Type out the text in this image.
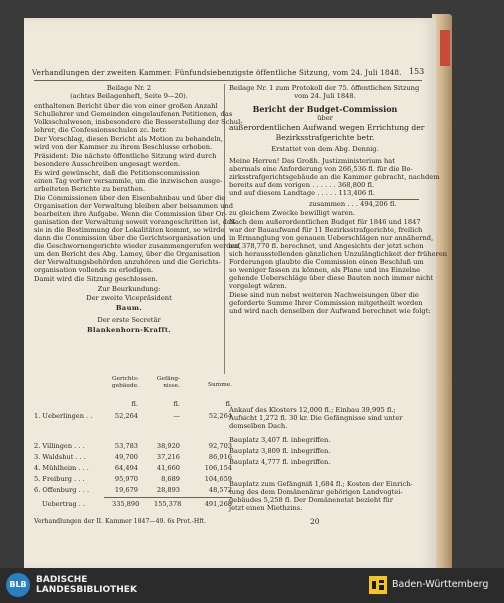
Verhandlungen der zweiten Kammer. Fünfundsiebenzigste öffentliche Sitzung, vom 24. Juli 1848. 153
Beilage Nr. 2
(achtes Beilagenheft, Seite 9—20).
enthaltenen Bericht über die von einer großen Anzahl
Schullehrer und Gemeinden eingelaufenen Petitionen, das
Volksschulwesen, insbesondere die Besserstellung der Schul-
lehrer, die Confessionsschulen zc. betr.
Der Vorschlag, diesen Bericht als Motion zu behandeln,
wird von der Kammer zu ihrem Beschlusse erhoben.
Präsident: Die nächste öffentliche Sitzung wird durch
besondere Ausschreiben angesagt werden.
Es wird gewünscht, daß die Petitionscommission
einen Tag vorher versammle, um die inzwischen ausge-
arbeiteten Berichte zu berathen.
Die Commissionen über den Eisenbahnbau und über die
Organisation der Verwaltung bleiben aber beisammen und
bearbeiten ihre Aufgabe. Wenn die Commission über Or-
ganisation der Verwaltung soweit vorangeschritten ist, daß
sie in die Bestimmung der Lokalitäten kommt, so würde
dann die Commission über die Gerichtsorganisation und
die Geschwornengerichte wieder zusammengerufen werden,
um den Bericht des Abg. Lamey, über die Organisation
der Verwaltungsbehörden anzuhören und die Gerichts-
organisation vollends zu erledigen.
Damit wird die Sitzung geschlossen.
Zur Beurkundung:
Der zweite Vicepräsident
Baum.
Der erste Secretär
Blankenhorn-Krafft.
Beilage Nr. 1 zum Protokoll der 75. öffentlichen Sitzung
vom 24. Juli 1848.
Bericht der Budget-Commission
über
außerordentlichen Aufwand wegen Errichtung der
Bezirksstrafgerichte betr.
Erstattet von dem Abg. Dennig.
Meine Herren! Das Großh. Justizministerium hat
abermals eine Anforderung von 266,536 fl. für die Be-
zirksstrafgerichtsgebäude an die Kammer gebracht, nachdem
bereits auf dem vorigen . . . . . . 368,800 fl.
und auf diesem Landtage . . . . . 113,406 fl.
zusammen . . . 494,206 fl.
zu gleichem Zwecke bewilligt waren.
Nach dem außerordentlichen Budget für 1846 und 1847
war der Bauaufwand für 11 Bezirksstrafgerichte, freilich
in Ermanglung von genauen Ueberschlägen nur annähernd,
auf 378,770 fl. berechnet, und Angesichts der jetzt schon
sich herausstellenden gänzlichen Unzulänglichkeit der früheren
Forderungen glaubte die Commission einen Beschluß um
so weniger fassen zu können, als Plane und ins Einzelne
gehende Ueberschläge über diese Bauten noch immer nicht
vorgelegt wären.
Diese sind nun nebst weiteren Nachweisungen über die
geforderte Summe Ihrer Commission mitgetheilt worden
und wird nach denselben der Aufwand berechnet wie folgt:
Gerichts-gebäude.
Gefäng-nisse.	Summe.
fl.	fl.	fl.
1. Ueberlingen . .	52,264	—	52,264
2. Villingen . . .	53,783	38,920	92,703
3. Waldshut . . .	49,700	37,216	86,916
4. Mühlheim . . .	64,494	41,660	106,154
5. Freiburg . . .	95,970	8,689	104,659
6. Offenburg . . .	19,679	28,893	48,572
Uebertrag . .	335,890 155,378	491,268
Ankauf des Klosters 12,000 fl.; Einbau 39,995 fl.;
Aufsicht 1,272 fl. 30 kr. Die Gefängnisse sind unter
demselben Dach.
Bauplatz 3,407 fl. inbegriffen.
Bauplatz 3,809 fl. inbegriffen.
Bauplatz 4,777 fl. inbegriffen.
Bauplatz zum Gefängniß 1,684 fl.; Kosten der Einrich-
tung des dem Domänenärar gehörigen Landvogtei-
gebäudes 5,258 fl. Der Domänenetat bezieht für
jetzt einen Miethzins.
Verhandlungen der II. Kammer 1847—49. 6s Prot.-Hft.	20
BLB	BADISCHE
LANDESBIBLIOTHEK	Baden-Württemberg
